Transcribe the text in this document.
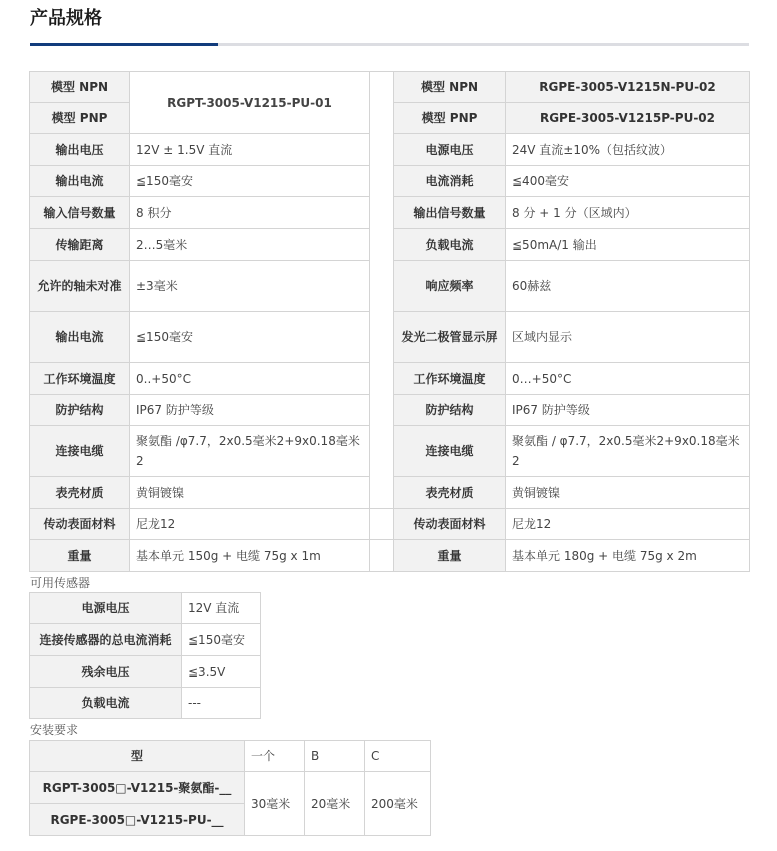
产品规格
模型 NPN	RGPT-3005-V1215-PU-01		模型 NPN	RGPE-3005-V1215N-PU-02
模型 PNP			模型 PNP	RGPE-3005-V1215P-PU-02
输出电压	12V ± 1.5V 直流		电源电压	24V 直流±10%（包括纹波）
输出电流	≦150毫安		电流消耗	≦400毫安
输入信号数量	8 积分		输出信号数量	8 分 + 1 分（区域内）
传输距离	2…5毫米		负载电流	≦50mA/1 输出
允许的轴未对准	±3毫米		响应频率	60赫兹
输出电流	≦150毫安		发光二极管显示屏	区域内显示
工作环境温度	0..+50°C		工作环境温度	0…+50°C
防护结构	IP67 防护等级		防护结构	IP67 防护等级
连接电缆	聚氨酯 /φ7.7，2x0.5毫米2+9x0.18毫米2		连接电缆	聚氨酯 / φ7.7，2x0.5毫米2+9x0.18毫米2
表壳材质	黄铜镀镍		表壳材质	黄铜镀镍
传动表面材料	尼龙12		传动表面材料	尼龙12
重量	基本单元 150g + 电缆 75g x 1m		重量	基本单元 180g + 电缆 75g x 2m
可用传感器
电源电压	12V 直流
连接传感器的总电流消耗	≦150毫安
残余电压	≦3.5V
负载电流	---
安装要求
型	一个	B	C
RGPT-3005□-V1215-聚氨酯-__	30毫米	20毫米	200毫米
RGPE-3005□-V1215-PU-__			
